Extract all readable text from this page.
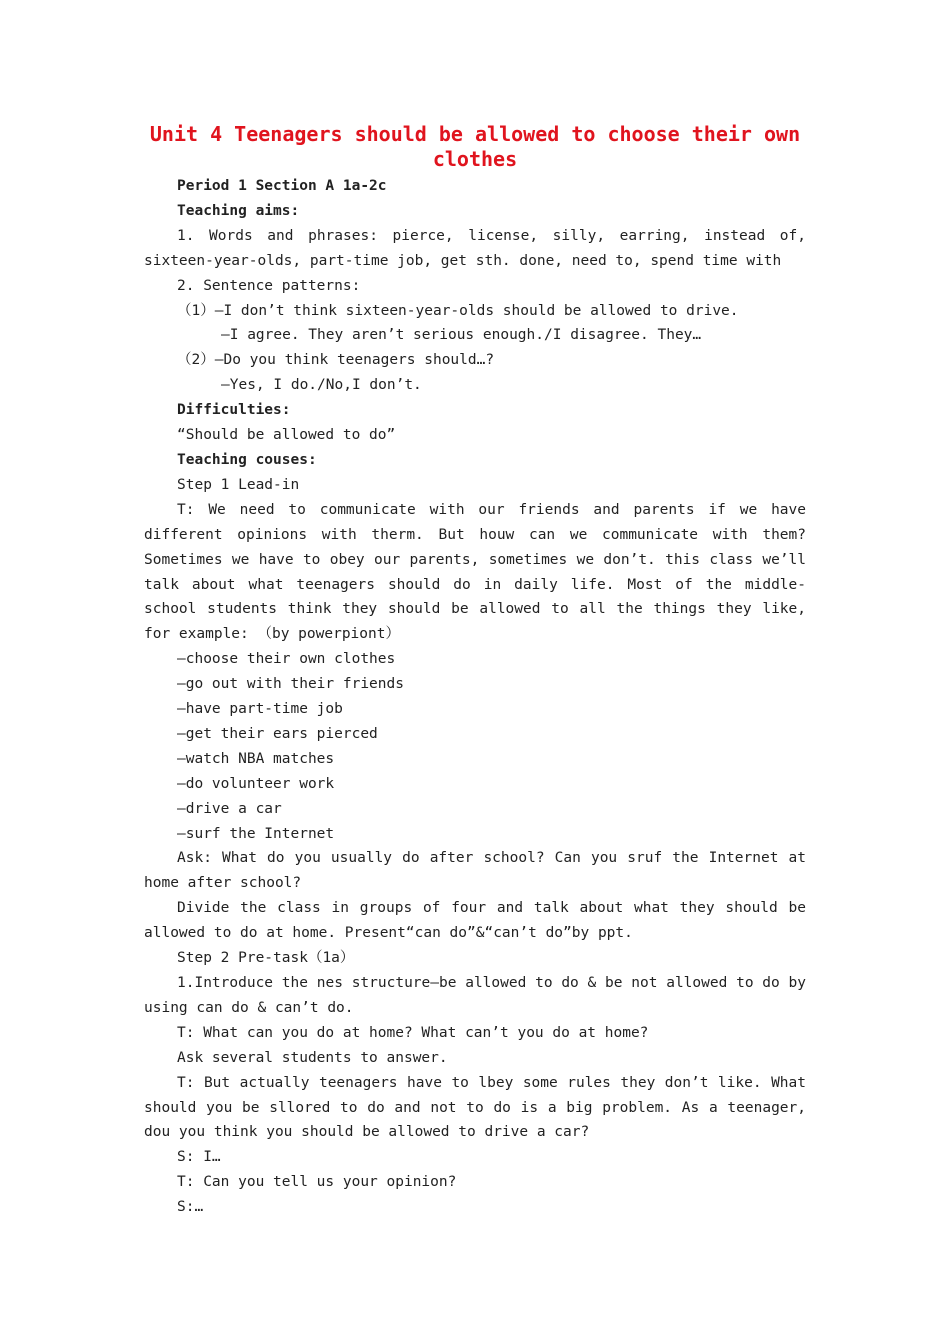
Unit 4 Teenagers should be allowed to choose their own clothes
Period 1 Section A 1a-2c
Teaching aims:

1. Words and phrases: pierce, license, silly, earring, instead of, sixteen-year-olds, part-time job, get sth. done, need to, spend time with

2. Sentence patterns:
（1）—I don’t think sixteen-year-olds should be allowed to drive.
—I agree. They aren’t serious enough./I disagree. They…
（2）—Do you think teenagers should…?
—Yes, I do./No,I don’t.
Difficulties:
“Should be allowed to do”
Teaching couses:
Step 1 Lead-in

T: We need to communicate with our friends and parents if we have different opinions with therm. But houw can we communicate with them? Sometimes we have to obey our parents, sometimes we don’t. this class we’ll talk about what teenagers should do in daily life. Most of the middle-school students think they should be allowed to all the things they like, for example: （by powerpiont）

—choose their own clothes
—go out with their friends
—have part-time job
—get their ears pierced
—watch NBA matches
—do volunteer work
—drive a car
—surf the Internet

Ask: What do you usually do after school? Can you sruf the Internet at home after school?

Divide the class in groups of four and talk about what they should be allowed to do at home. Present“can do”&“can’t do”by ppt.

Step 2 Pre-task（1a）

1.Introduce the nes structure—be allowed to do & be not allowed to do by using can do & can’t do.

T: What can you do at home? What can’t you do at home?
Ask several students to answer.

T: But actually teenagers have to lbey some rules they don’t like. What should you be sllored to do and not to do is a big problem. As a teenager, dou you think you should be allowed to drive a car?

S: I…
T: Can you tell us your opinion?
S:…
